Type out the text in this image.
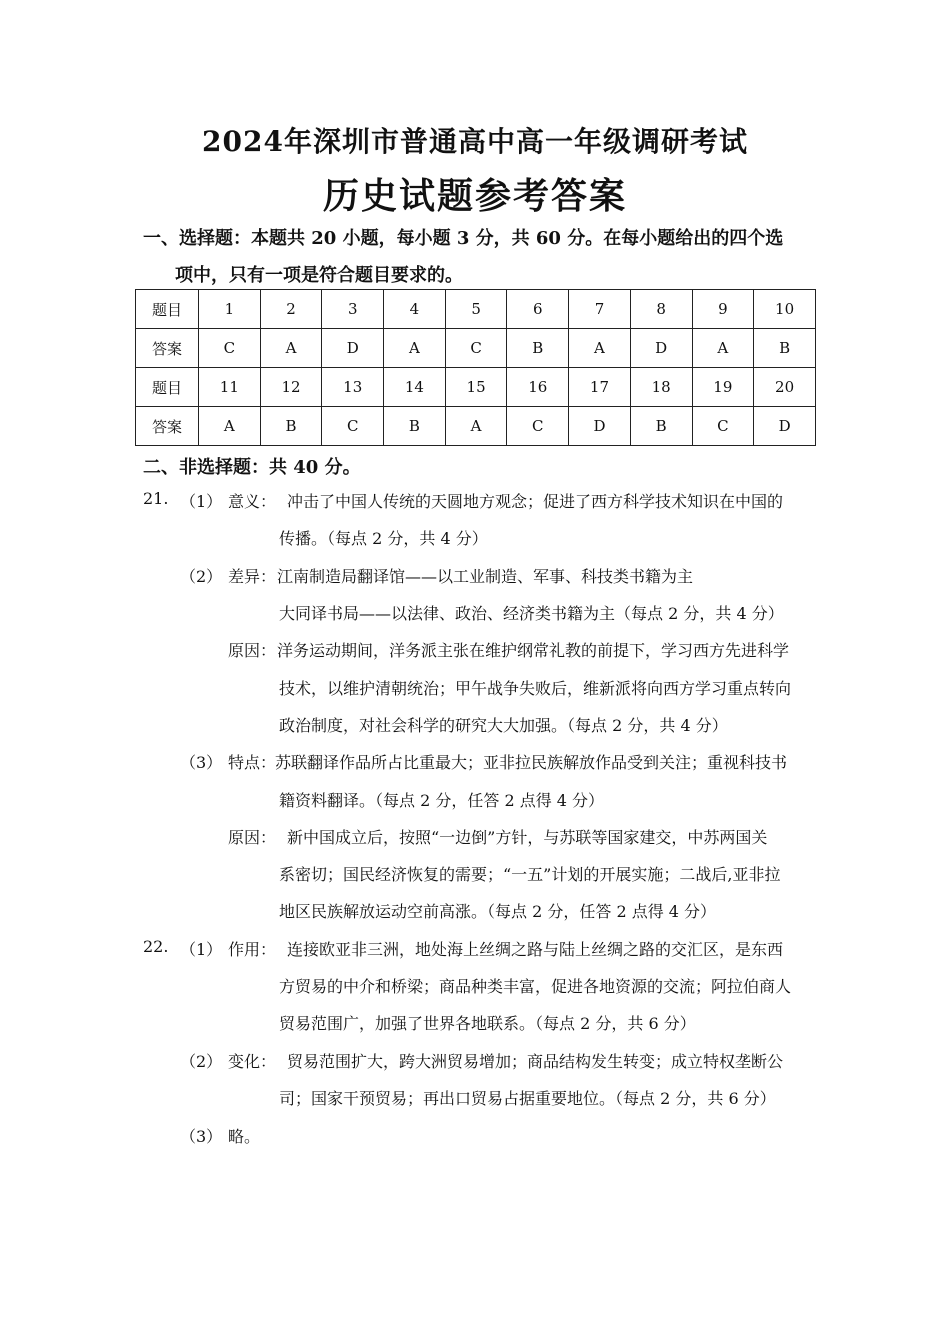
2024年深圳市普通高中高一年级调研考试
历史试题参考答案
一、选择题：本题共 20 小题，每小题 3 分，共 60 分。在每小题给出的四个选
项中，只有一项是符合题目要求的。
题目	1	2	3	4	5	6	7	8	9	10
答案	C	A	D	A	C	B	A	D	A	B
题目	11	12	13	14	15	16	17	18	19	20
答案	A	B	C	B	A	C	D	B	C	D
二、非选择题：共 40 分。
21. （1） 意义： 冲击了中国人传统的天圆地方观念；促进了西方科学技术知识在中国的
传播。（每点 2 分，共 4 分）
（2） 差异： 江南制造局翻译馆——以工业制造、军事、科技类书籍为主
大同译书局——以法律、政治、经济类书籍为主（每点 2 分，共 4 分）
原因： 洋务运动期间，洋务派主张在维护纲常礼教的前提下，学习西方先进科学
技术，以维护清朝统治；甲午战争失败后，维新派将向西方学习重点转向
政治制度，对社会科学的研究大大加强。（每点 2 分，共 4 分）
（3） 特点：
苏联翻译作品所占比重最大；亚非拉民族解放作品受到关注；重视科技书
籍资料翻译。（每点 2 分，任答 2 点得 4 分）
原因： 新中国成立后，按照“一边倒”方针，与苏联等国家建交，中苏两国关
系密切；国民经济恢复的需要；“一五”计划的开展实施；二战后,亚非拉
地区民族解放运动空前高涨。（每点 2 分，任答 2 点得 4 分）
22. （1） 作用： 连接欧亚非三洲，地处海上丝绸之路与陆上丝绸之路的交汇区，是东西
方贸易的中介和桥梁；商品种类丰富，促进各地资源的交流；阿拉伯商人
贸易范围广，加强了世界各地联系。（每点 2 分，共 6 分）
（2） 变化： 贸易范围扩大，跨大洲贸易增加；商品结构发生转变；成立特权垄断公
司；国家干预贸易；再出口贸易占据重要地位。（每点 2 分，共 6 分）
（3） 略。
